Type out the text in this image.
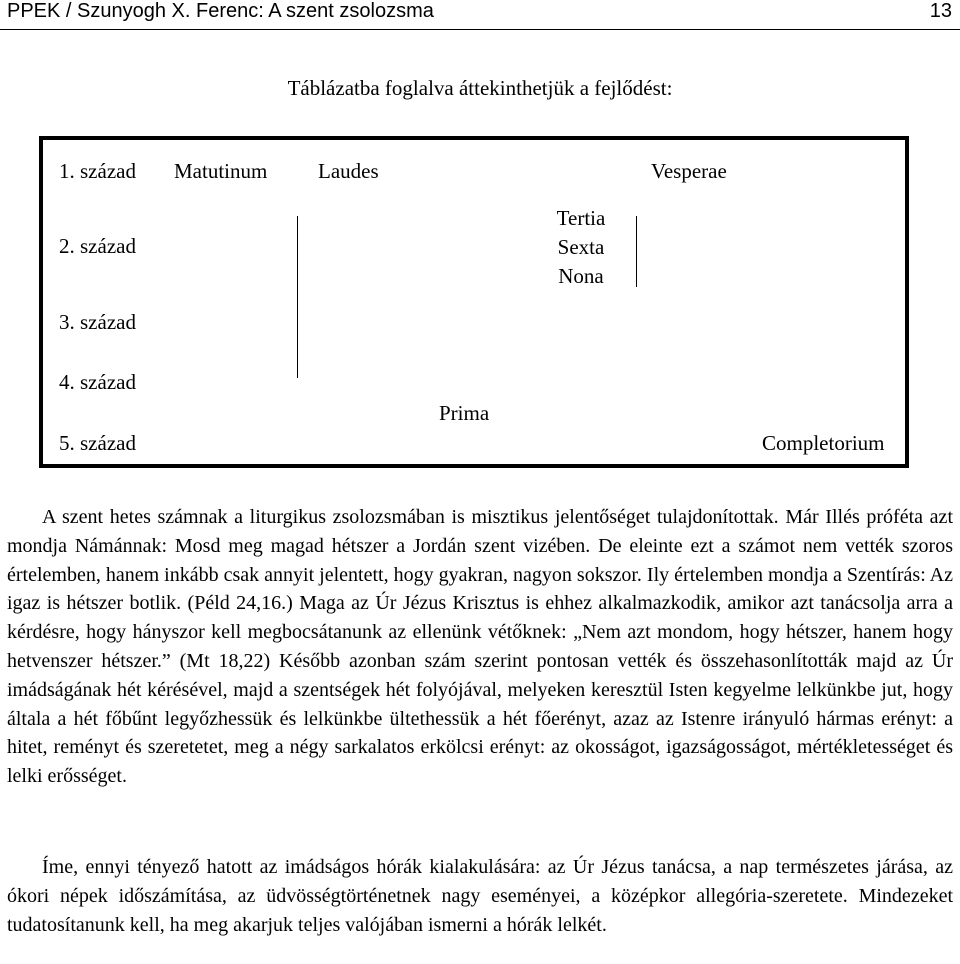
PPEK / Szunyogh X. Ferenc: A szent zsolozsma	13
Táblázatba foglalva áttekinthetjük a fejlődést:
1. század
2. század
3. század
4. század
5. század
Matutinum Laudes	Vesperae
Tertia
Sexta
Nona
Prima
Completorium
A szent hetes számnak a liturgikus zsolozsmában is misztikus jelentőséget tulajdonítottak. Már Illés próféta azt mondja Námánnak: Mosd meg magad hétszer a Jordán szent vizében. De eleinte ezt a számot nem vették szoros értelemben, hanem inkább csak annyit jelentett, hogy gyakran, nagyon sokszor. Ily értelemben mondja a Szentírás: Az igaz is hétszer botlik. (Péld 24,16.) Maga az Úr Jézus Krisztus is ehhez alkalmazkodik, amikor azt tanácsolja arra a kérdésre, hogy hányszor kell megbocsátanunk az ellenünk vétőknek: „Nem azt mondom, hogy hétszer, hanem hogy hetvenszer hétszer.” (Mt 18,22) Később azonban szám szerint pontosan vették és összehasonlították majd az Úr imádságának hét kérésével, majd a szentségek hét folyójával, melyeken keresztül Isten kegyelme lelkünkbe jut, hogy általa a hét főbűnt legyőzhessük és lelkünkbe ültethessük a hét főerényt, azaz az Istenre irányuló hármas erényt: a hitet, reményt és szeretetet, meg a négy sarkalatos erkölcsi erényt: az okosságot, igazságosságot, mértékletességet és lelki erősséget.
Íme, ennyi tényező hatott az imádságos hórák kialakulására: az Úr Jézus tanácsa, a nap természetes járása, az ókori népek időszámítása, az üdvösségtörténetnek nagy eseményei, a középkor allegória-szeretete. Mindezeket tudatosítanunk kell, ha meg akarjuk teljes valójában ismerni a hórák lelkét.
